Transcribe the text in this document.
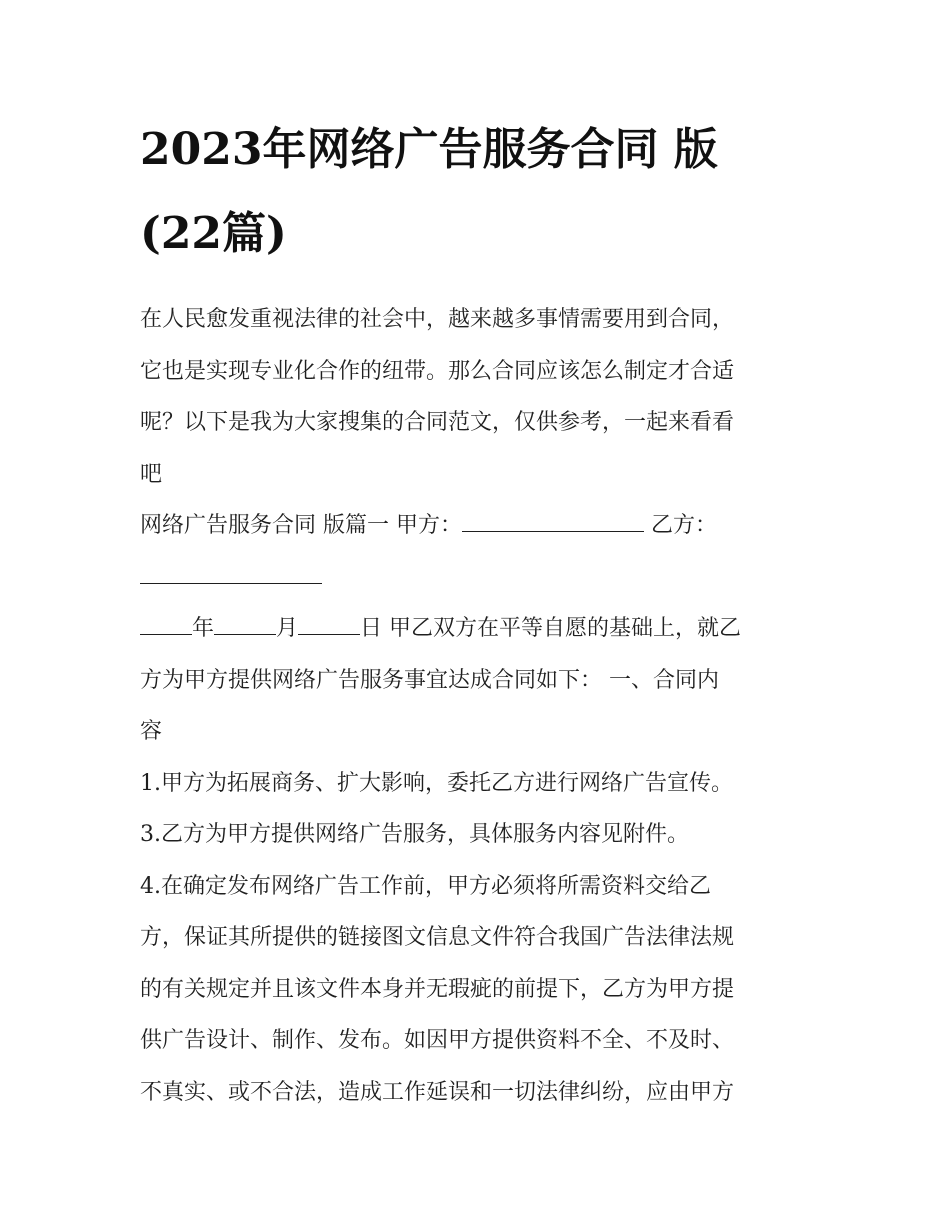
2023年网络广告服务合同 版
(22篇)
在人民愈发重视法律的社会中，越来越多事情需要用到合同，
它也是实现专业化合作的纽带。那么合同应该怎么制定才合适
呢？以下是我为大家搜集的合同范文，仅供参考，一起来看看
吧
网络广告服务合同 版篇一 甲方：	乙方：
年	月	日 甲乙双方在平等自愿的基础上，就乙
方为甲方提供网络广告服务事宜达成合同如下： 一、合同内
容
1.甲方为拓展商务、扩大影响，委托乙方进行网络广告宣传。
3.乙方为甲方提供网络广告服务，具体服务内容见附件。
4.在确定发布网络广告工作前，甲方必须将所需资料交给乙
方，保证其所提供的链接图文信息文件符合我国广告法律法规
的有关规定并且该文件本身并无瑕疵的前提下，乙方为甲方提
供广告设计、制作、发布。如因甲方提供资料不全、不及时、
不真实、或不合法，造成工作延误和一切法律纠纷，应由甲方
